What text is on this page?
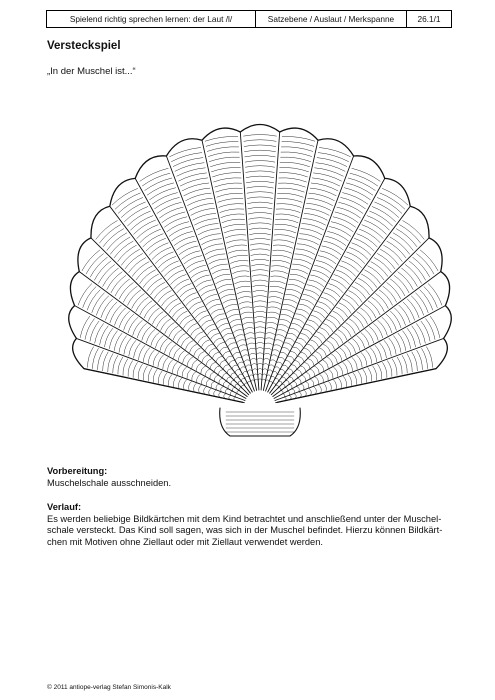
Spielend richtig sprechen lernen: der Laut /l/	Satzebene / Auslaut / Merkspanne	26.1/1
Versteckspiel
„In der Muschel ist...“
Vorbereitung:
Muschelschale ausschneiden.
Verlauf:
Es werden beliebige Bildkärtchen mit dem Kind betrachtet und anschließend unter der Muschel-
schale versteckt. Das Kind soll sagen, was sich in der Muschel befindet. Hierzu können Bildkärt-
chen mit Motiven ohne Ziellaut oder mit Ziellaut verwendet werden.
© 2011 antiope-verlag Stefan Simonis-Kalk
